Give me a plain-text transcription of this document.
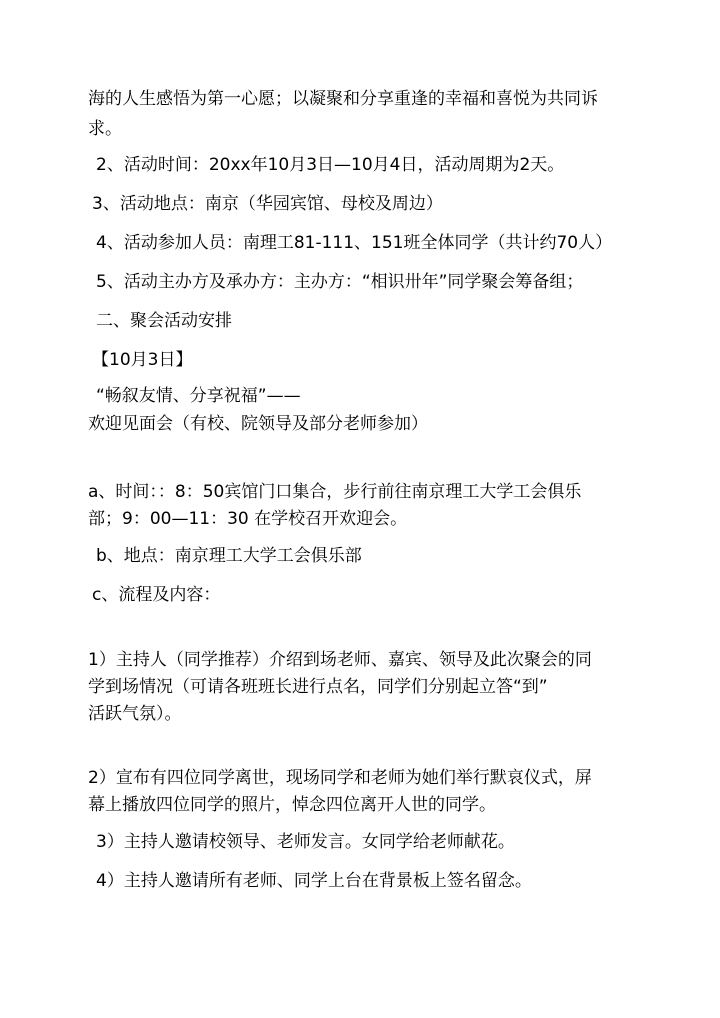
海的人生感悟为第一心愿；以凝聚和分享重逢的幸福和喜悦为共同诉
求。
2、活动时间：20xx年10月3日—10月4日，活动周期为2天。
3、活动地点：南京（华园宾馆、母校及周边）
4、活动参加人员：南理工81-111、151班全体同学（共计约70人）
5、活动主办方及承办方：主办方：“相识卅年”同学聚会筹备组；
二、聚会活动安排
【10月3日】
“畅叙友情、分享祝福”——
欢迎见面会（有校、院领导及部分老师参加）
a、时间：：8：50宾馆门口集合，步行前往南京理工大学工会俱乐
部；9：00—11：30 在学校召开欢迎会。
b、地点：南京理工大学工会俱乐部
c、流程及内容：
1）主持人（同学推荐）介绍到场老师、嘉宾、领导及此次聚会的同
学到场情况（可请各班班长进行点名，同学们分别起立答“到”
活跃气氛）。
2）宣布有四位同学离世，现场同学和老师为她们举行默哀仪式，屏
幕上播放四位同学的照片，悼念四位离开人世的同学。
3）主持人邀请校领导、老师发言。女同学给老师献花。
4）主持人邀请所有老师、同学上台在背景板上签名留念。
